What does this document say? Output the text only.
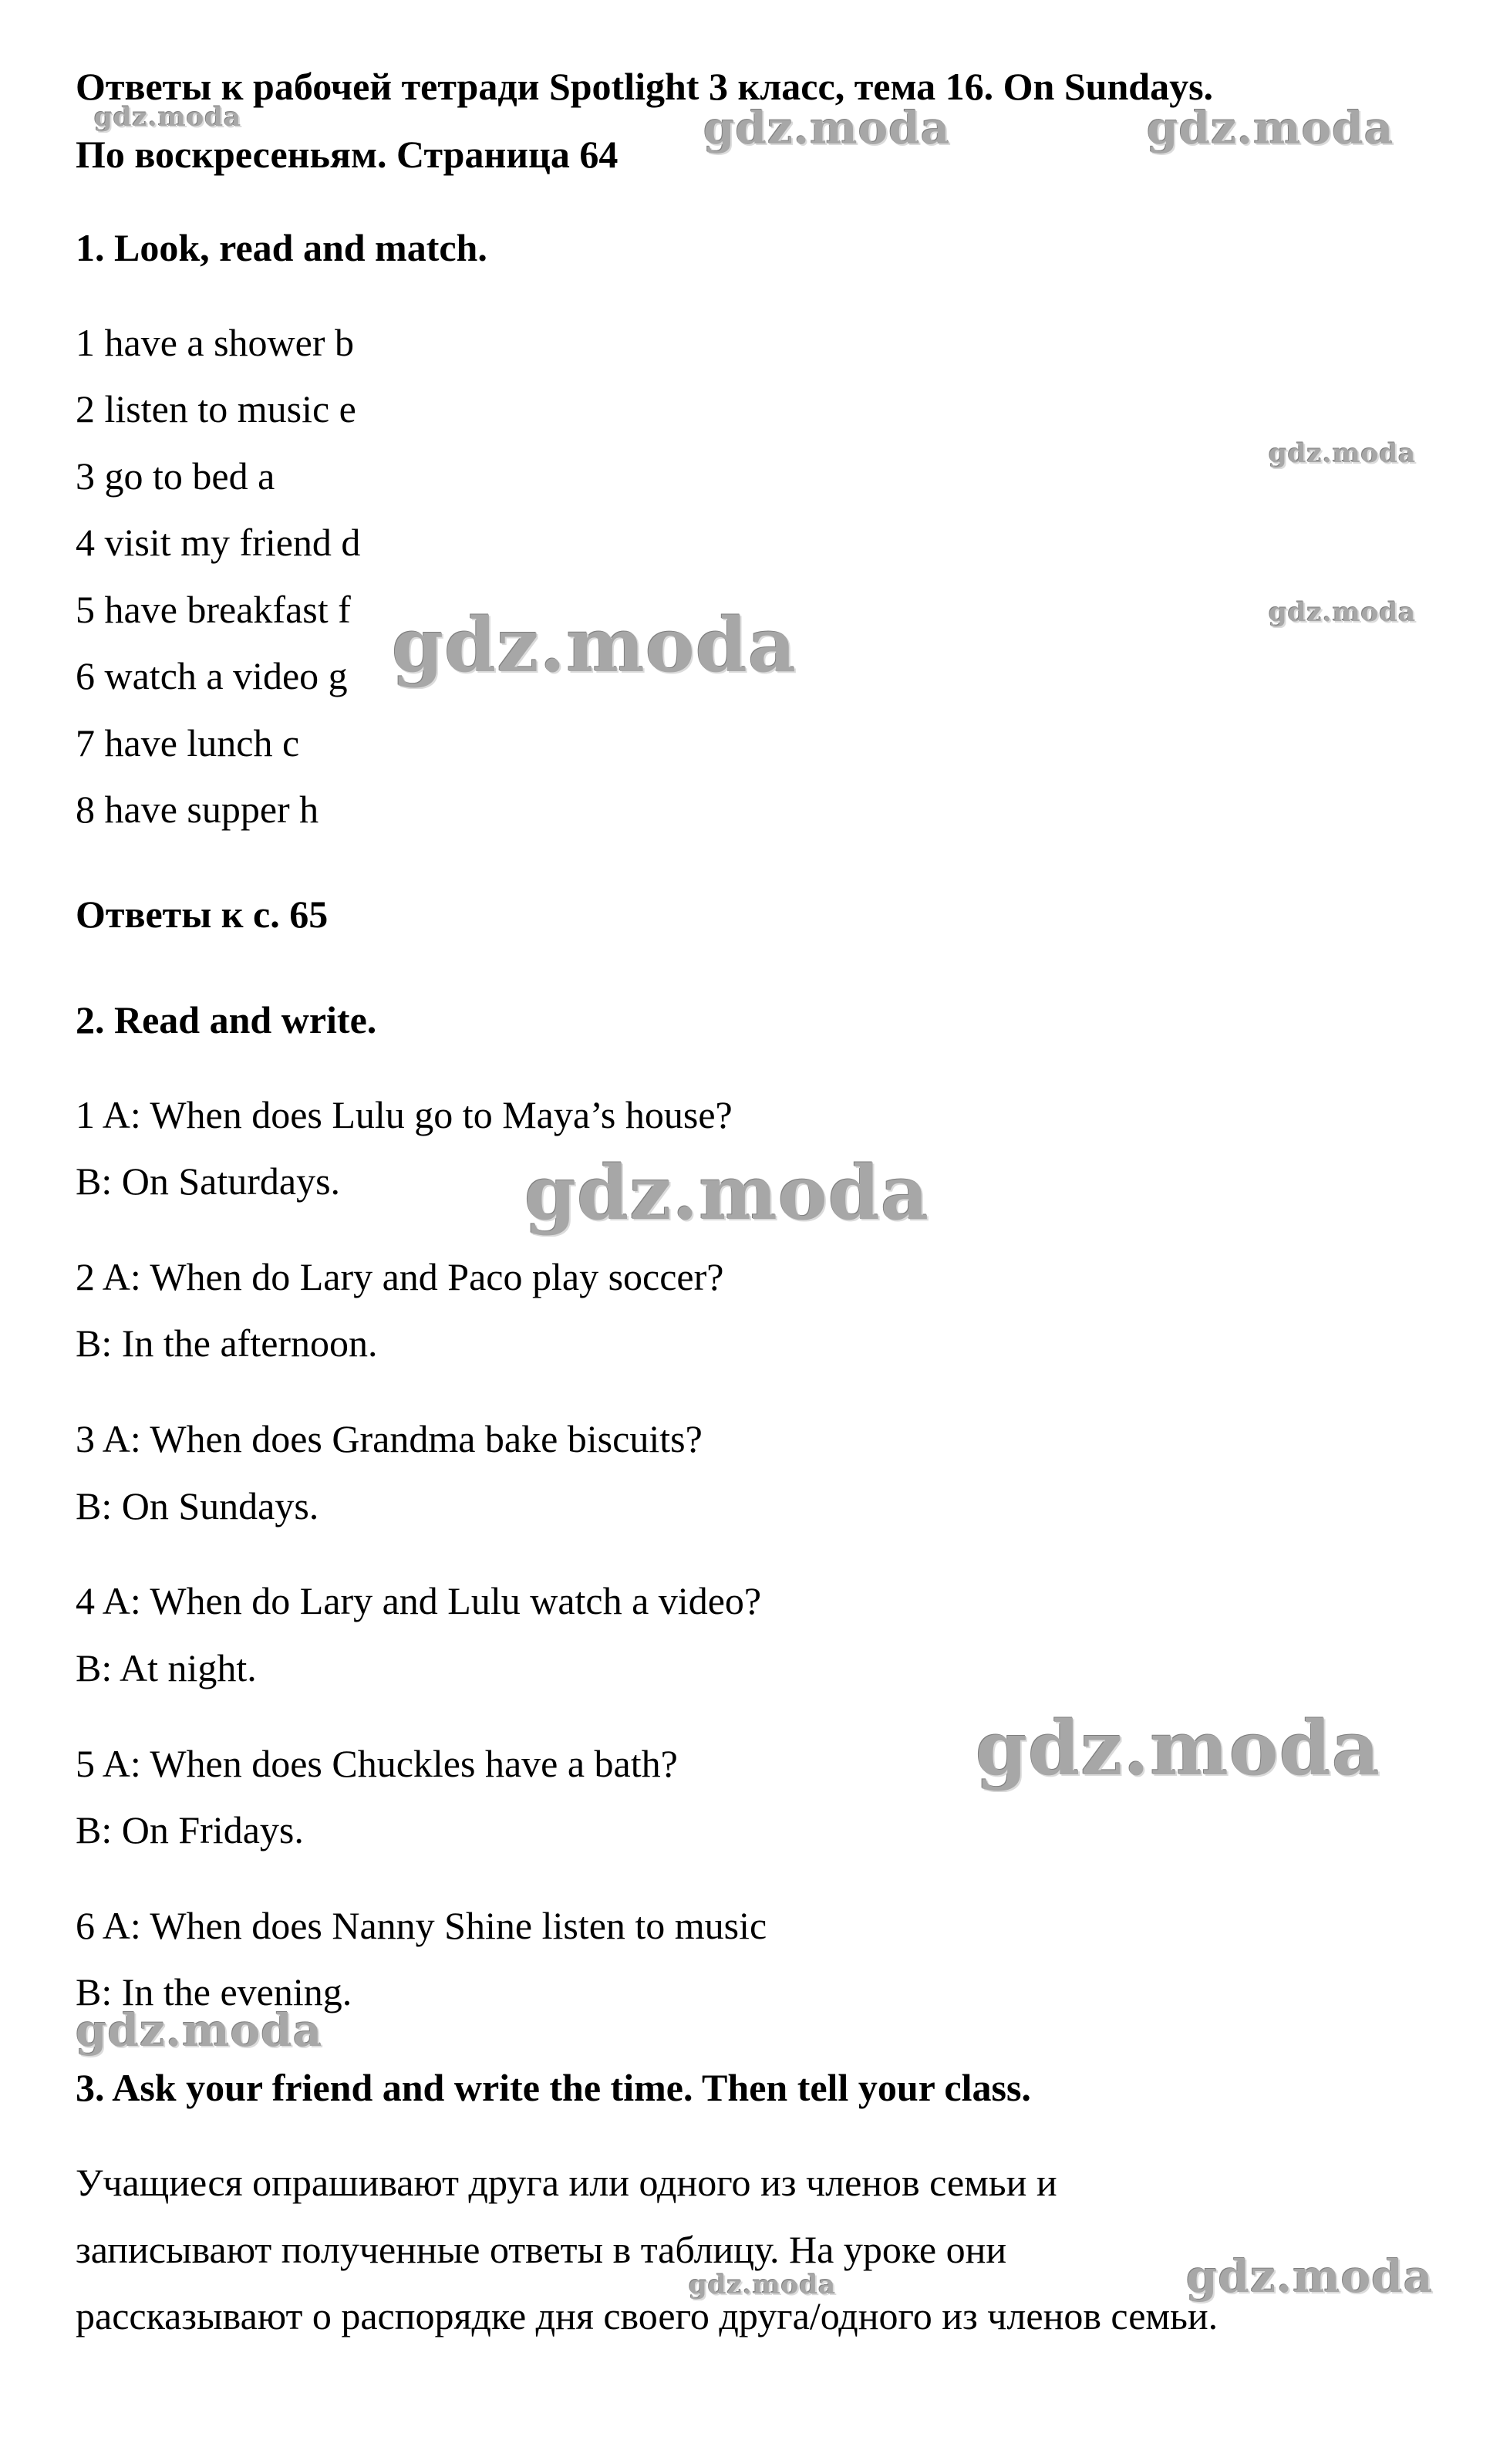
Ответы к рабочей тетради Spotlight 3 класс, тема 16. On Sundays.
По воскресеньям. Страница 64
1. Look, read and match.
1 have a shower b
2 listen to music e
3 go to bed a
4 visit my friend d
5 have breakfast f
6 watch a video g
7 have lunch c
8 have supper h
Ответы к с. 65
2. Read and write.
1 A: When does Lulu go to Maya’s house?
B: On Saturdays.
2 A: When do Lary and Paco play soccer?
B: In the afternoon.
3 A: When does Grandma bake biscuits?
B: On Sundays.
4 A: When do Lary and Lulu watch a video?
B: At night.
5 A: When does Chuckles have a bath?
B: On Fridays.
6 A: When does Nanny Shine listen to music
B: In the evening.
3. Ask your friend and write the time. Then tell your class.
Учащиеся опрашивают друга или одного из членов семьи и
записывают полученные ответы в таблицу. На уроке они
рассказывают о распорядке дня своего друга/одного из членов семьи.
gdz.moda	gdz.moda	gdz.moda
gdz.moda
gdz.moda
gdz.moda
gdz.moda
gdz.moda
gdz.moda
gdz.moda	gdz.moda
